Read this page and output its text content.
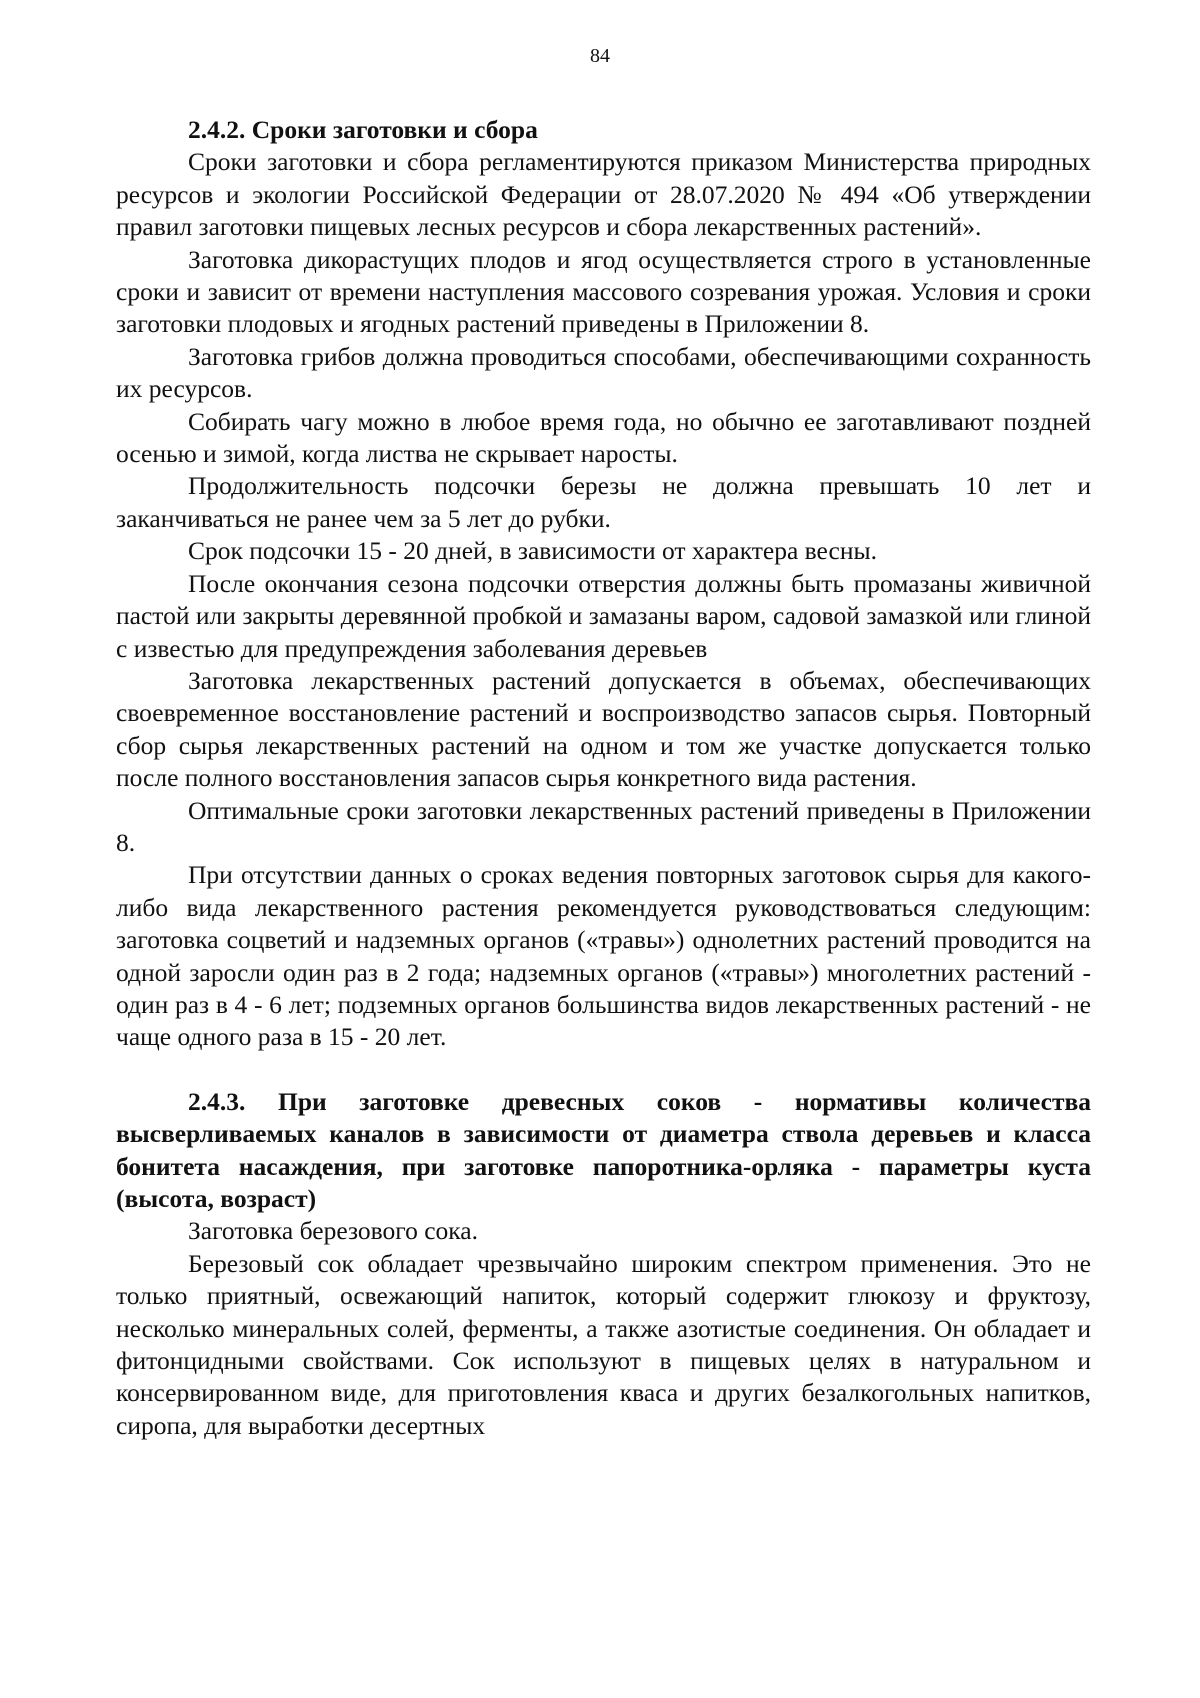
84
2.4.2. Сроки заготовки и сбора

Сроки заготовки и сбора регламентируются приказом Министерства природных ресурсов и экологии Российской Федерации от 28.07.2020 № 494 «Об утверждении правил заготовки пищевых лесных ресурсов и сбора лекарственных растений».

Заготовка дикорастущих плодов и ягод осуществляется строго в установленные сроки и зависит от времени наступления массового созревания урожая. Условия и сроки заготовки плодовых и ягодных растений приведены в Приложении 8.

Заготовка грибов должна проводиться способами, обеспечивающими сохранность их ресурсов.

Собирать чагу можно в любое время года, но обычно ее заготавливают поздней осенью и зимой, когда листва не скрывает наросты.

Продолжительность подсочки березы не должна превышать 10 лет и заканчиваться не ранее чем за 5 лет до рубки.

Срок подсочки 15 - 20 дней, в зависимости от характера весны.

После окончания сезона подсочки отверстия должны быть промазаны живичной пастой или закрыты деревянной пробкой и замазаны варом, садовой замазкой или глиной с известью для предупреждения заболевания деревьев

Заготовка лекарственных растений допускается в объемах, обеспечивающих своевременное восстановление растений и воспроизводство запасов сырья. Повторный сбор сырья лекарственных растений на одном и том же участке допускается только после полного восстановления запасов сырья конкретного вида растения.

Оптимальные сроки заготовки лекарственных растений приведены в Приложении 8.

При отсутствии данных о сроках ведения повторных заготовок сырья для какого-либо вида лекарственного растения рекомендуется руководствоваться следующим: заготовка соцветий и надземных органов («травы») однолетних растений проводится на одной заросли один раз в 2 года; надземных органов («травы») многолетних растений - один раз в 4 - 6 лет; подземных органов большинства видов лекарственных растений - не чаще одного раза в 15 - 20 лет.

2.4.3. При заготовке древесных соков - нормативы количества высверливаемых каналов в зависимости от диаметра ствола деревьев и класса бонитета насаждения, при заготовке папоротника-орляка - параметры куста (высота, возраст)

Заготовка березового сока.

Березовый сок обладает чрезвычайно широким спектром применения. Это не только приятный, освежающий напиток, который содержит глюкозу и фруктозу, несколько минеральных солей, ферменты, а также азотистые соединения. Он обладает и фитонцидными свойствами. Сок используют в пищевых целях в натуральном и консервированном виде, для приготовления кваса и других безалкогольных напитков, сиропа, для выработки десертных
